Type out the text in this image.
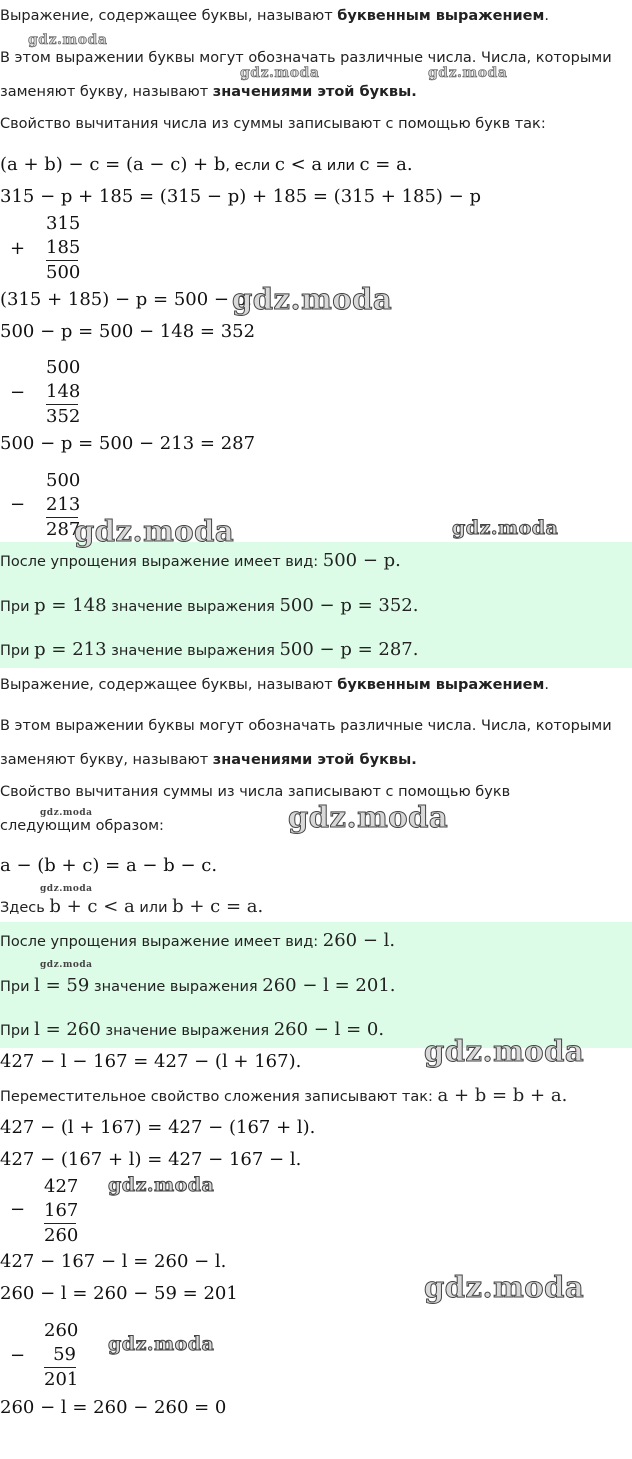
Выражение, содержащее буквы, называют буквенным выражением.
В этом выражении буквы могут обозначать различные числа. Числа, которыми
заменяют букву, называют значениями этой буквы.
Свойство вычитания числа из суммы записывают с помощью букв так:
(a + b) − c = (a − c) + b, если c < a или c = a.
315 − p + 185 = (315 − p) + 185 = (315 + 185) − p
+
315
185
500
(315 + 185) − p = 500 − p.
500 − p = 500 − 148 = 352
−
500
148
352
500 − p = 500 − 213 = 287
−
500
213
287
После упрощения выражение имеет вид: 500 − p.
При p = 148 значение выражения 500 − p = 352.
При p = 213 значение выражения 500 − p = 287.
Выражение, содержащее буквы, называют буквенным выражением.
В этом выражении буквы могут обозначать различные числа. Числа, которыми
заменяют букву, называют значениями этой буквы.
Свойство вычитания суммы из числа записывают с помощью букв
следующим образом:
a − (b + c) = a − b − c.
Здесь b + c < a или b + c = a.
После упрощения выражение имеет вид: 260 − l.
При l = 59 значение выражения 260 − l = 201.
При l = 260 значение выражения 260 − l = 0.
427 − l − 167 = 427 − (l + 167).
Переместительное свойство сложения записывают так: a + b = b + a.
427 − (l + 167) = 427 − (167 + l).
427 − (167 + l) = 427 − 167 − l.
−
427
167
260
427 − 167 − l = 260 − l.
260 − l = 260 − 59 = 201
−
260
59
201
260 − l = 260 − 260 = 0
gdz.moda
gdz.moda	gdz.moda
gdz.moda
gdz.moda	gdz.moda
gdz.moda	gdz.moda
gdz.moda
gdz.moda
gdz.moda
gdz.moda
gdz.moda
gdz.moda
